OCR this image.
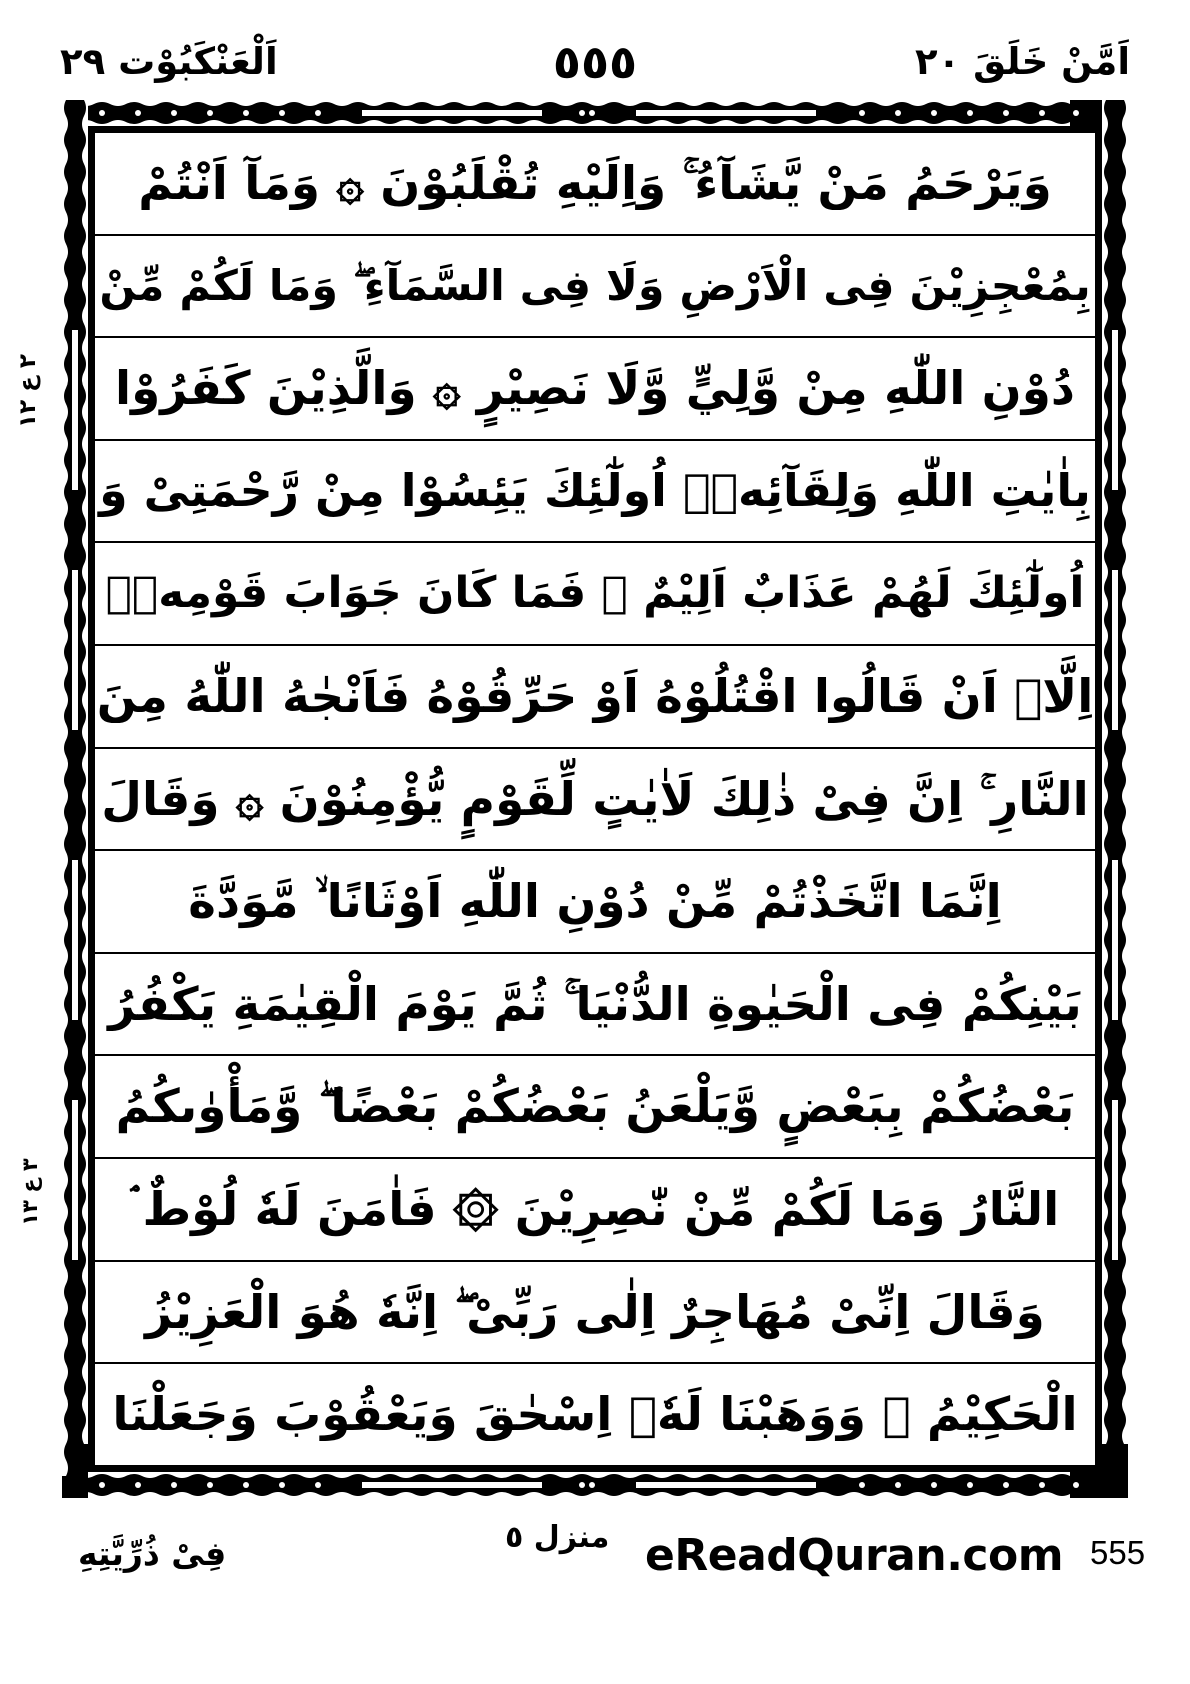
اَمَّنْ خَلَقَ ٢٠
٥٥٥
اَلْعَنْكَبُوْت ٢٩
٢ ع ١٢
٣ ع ١٣
وَيَرْحَمُ مَنْ يَّشَآءُ ۚ وَاِلَيْهِ تُقْلَبُوْنَ ۞ وَمَآ اَنْتُمْ
بِمُعْجِزِيْنَ فِى الْاَرْضِ وَلَا فِى السَّمَآءِ ۖ وَمَا لَكُمْ مِّنْ
دُوْنِ اللّٰهِ مِنْ وَّلِيٍّ وَّلَا نَصِيْرٍ ۞ وَالَّذِيْنَ كَفَرُوْا
بِاٰيٰتِ اللّٰهِ وَلِقَآئِهٖۤ اُولٰٓئِكَ يَئِسُوْا مِنْ رَّحْمَتِىْ وَ
اُولٰٓئِكَ لَهُمْ عَذَابٌ اَلِيْمٌ ۞ فَمَا كَانَ جَوَابَ قَوْمِهٖۤ
اِلَّاۤ اَنْ قَالُوا اقْتُلُوْهُ اَوْ حَرِّقُوْهُ فَاَنْجٰهُ اللّٰهُ مِنَ
النَّارِ ۚ اِنَّ فِىْ ذٰلِكَ لَاٰيٰتٍ لِّقَوْمٍ يُّؤْمِنُوْنَ ۞ وَقَالَ
اِنَّمَا اتَّخَذْتُمْ مِّنْ دُوْنِ اللّٰهِ اَوْثَانًا ۙ مَّوَدَّةَ
بَيْنِكُمْ فِى الْحَيٰوةِ الدُّنْيَا ۚ ثُمَّ يَوْمَ الْقِيٰمَةِ يَكْفُرُ
بَعْضُكُمْ بِبَعْضٍ وَّيَلْعَنُ بَعْضُكُمْ بَعْضًا ۖ وَّمَأْوٰىكُمُ
النَّارُ وَمَا لَكُمْ مِّنْ نّٰصِرِيْنَ ۞ فَاٰمَنَ لَهٗ لُوْطٌ ۘ
وَقَالَ اِنِّىْ مُهَاجِرٌ اِلٰى رَبِّىْ ۖ اِنَّهٗ هُوَ الْعَزِيْزُ
الْحَكِيْمُ ۞ وَوَهَبْنَا لَهٗۤ اِسْحٰقَ وَيَعْقُوْبَ وَجَعَلْنَا
فِىْ ذُرِّيَّتِهِ	منزل ٥ eReadQuran.com 555
